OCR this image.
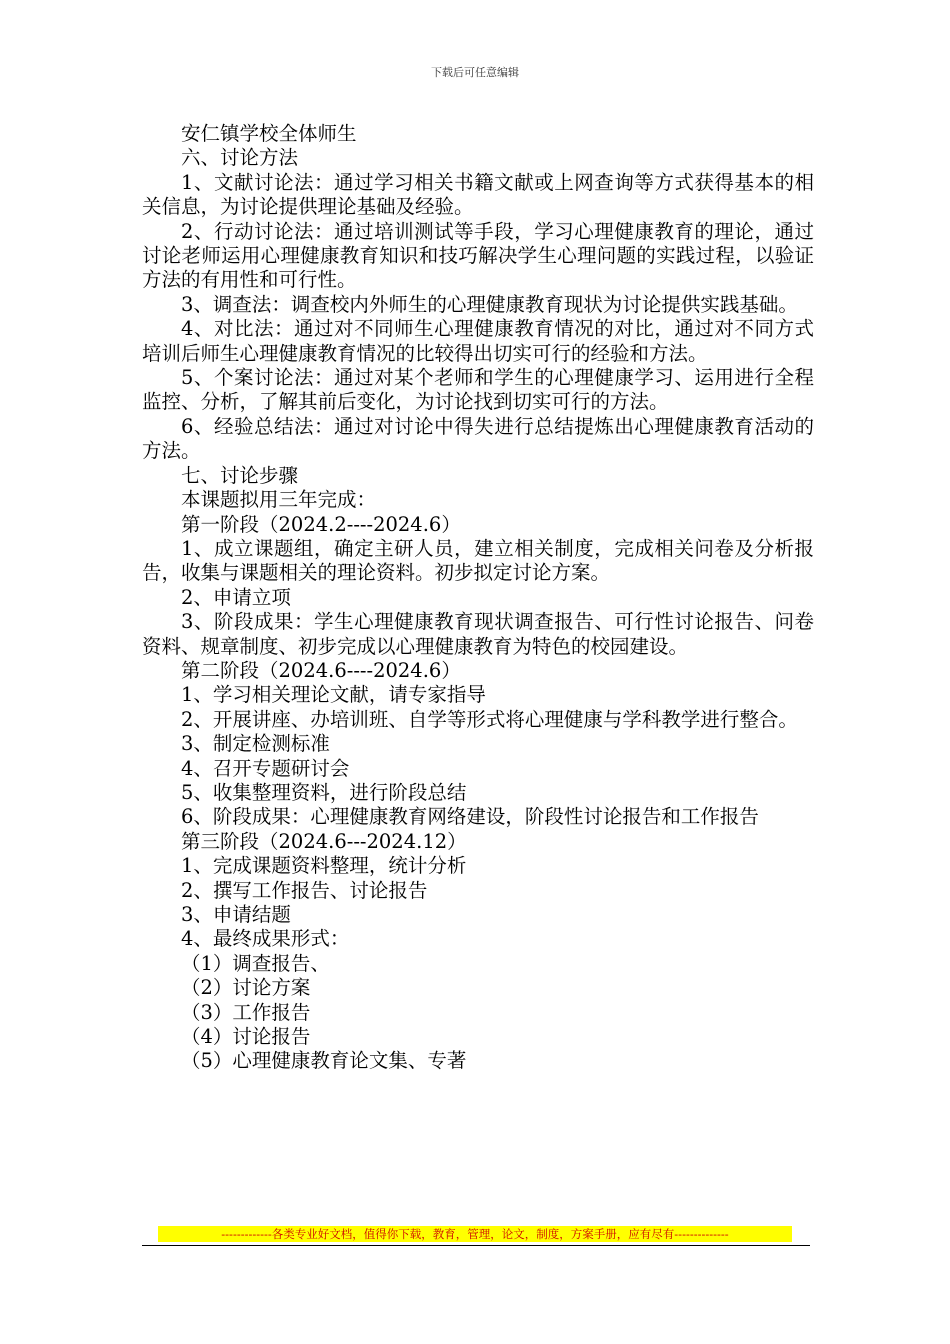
下载后可任意编辑

安仁镇学校全体师生

六、讨论方法

1、文献讨论法：通过学习相关书籍文献或上网查询等方式获得基本的相关信息，为讨论提供理论基础及经验。

2、行动讨论法：通过培训测试等手段，学习心理健康教育的理论，通过讨论老师运用心理健康教育知识和技巧解决学生心理问题的实践过程，以验证方法的有用性和可行性。

3、调查法：调查校内外师生的心理健康教育现状为讨论提供实践基础。

4、对比法：通过对不同师生心理健康教育情况的对比，通过对不同方式培训后师生心理健康教育情况的比较得出切实可行的经验和方法。

5、个案讨论法：通过对某个老师和学生的心理健康学习、运用进行全程监控、分析，了解其前后变化，为讨论找到切实可行的方法。

6、经验总结法：通过对讨论中得失进行总结提炼出心理健康教育活动的方法。

七、讨论步骤

本课题拟用三年完成：

第一阶段（2024.2----2024.6）

1、成立课题组，确定主研人员，建立相关制度，完成相关问卷及分析报告，收集与课题相关的理论资料。初步拟定讨论方案。

2、申请立项

3、阶段成果：学生心理健康教育现状调查报告、可行性讨论报告、问卷资料、规章制度、初步完成以心理健康教育为特色的校园建设。

第二阶段（2024.6----2024.6）

1、学习相关理论文献，请专家指导

2、开展讲座、办培训班、自学等形式将心理健康与学科教学进行整合。

3、制定检测标准

4、召开专题研讨会

5、收集整理资料，进行阶段总结

6、阶段成果：心理健康教育网络建设，阶段性讨论报告和工作报告

第三阶段（2024.6---2024.12）

1、完成课题资料整理，统计分析

2、撰写工作报告、讨论报告

3、申请结题

4、最终成果形式：

（1）调查报告、

（2）讨论方案

（3）工作报告

（4）讨论报告

（5）心理健康教育论文集、专著

-------------各类专业好文档，值得你下载，教育，管理，论文，制度，方案手册，应有尽有--------------
